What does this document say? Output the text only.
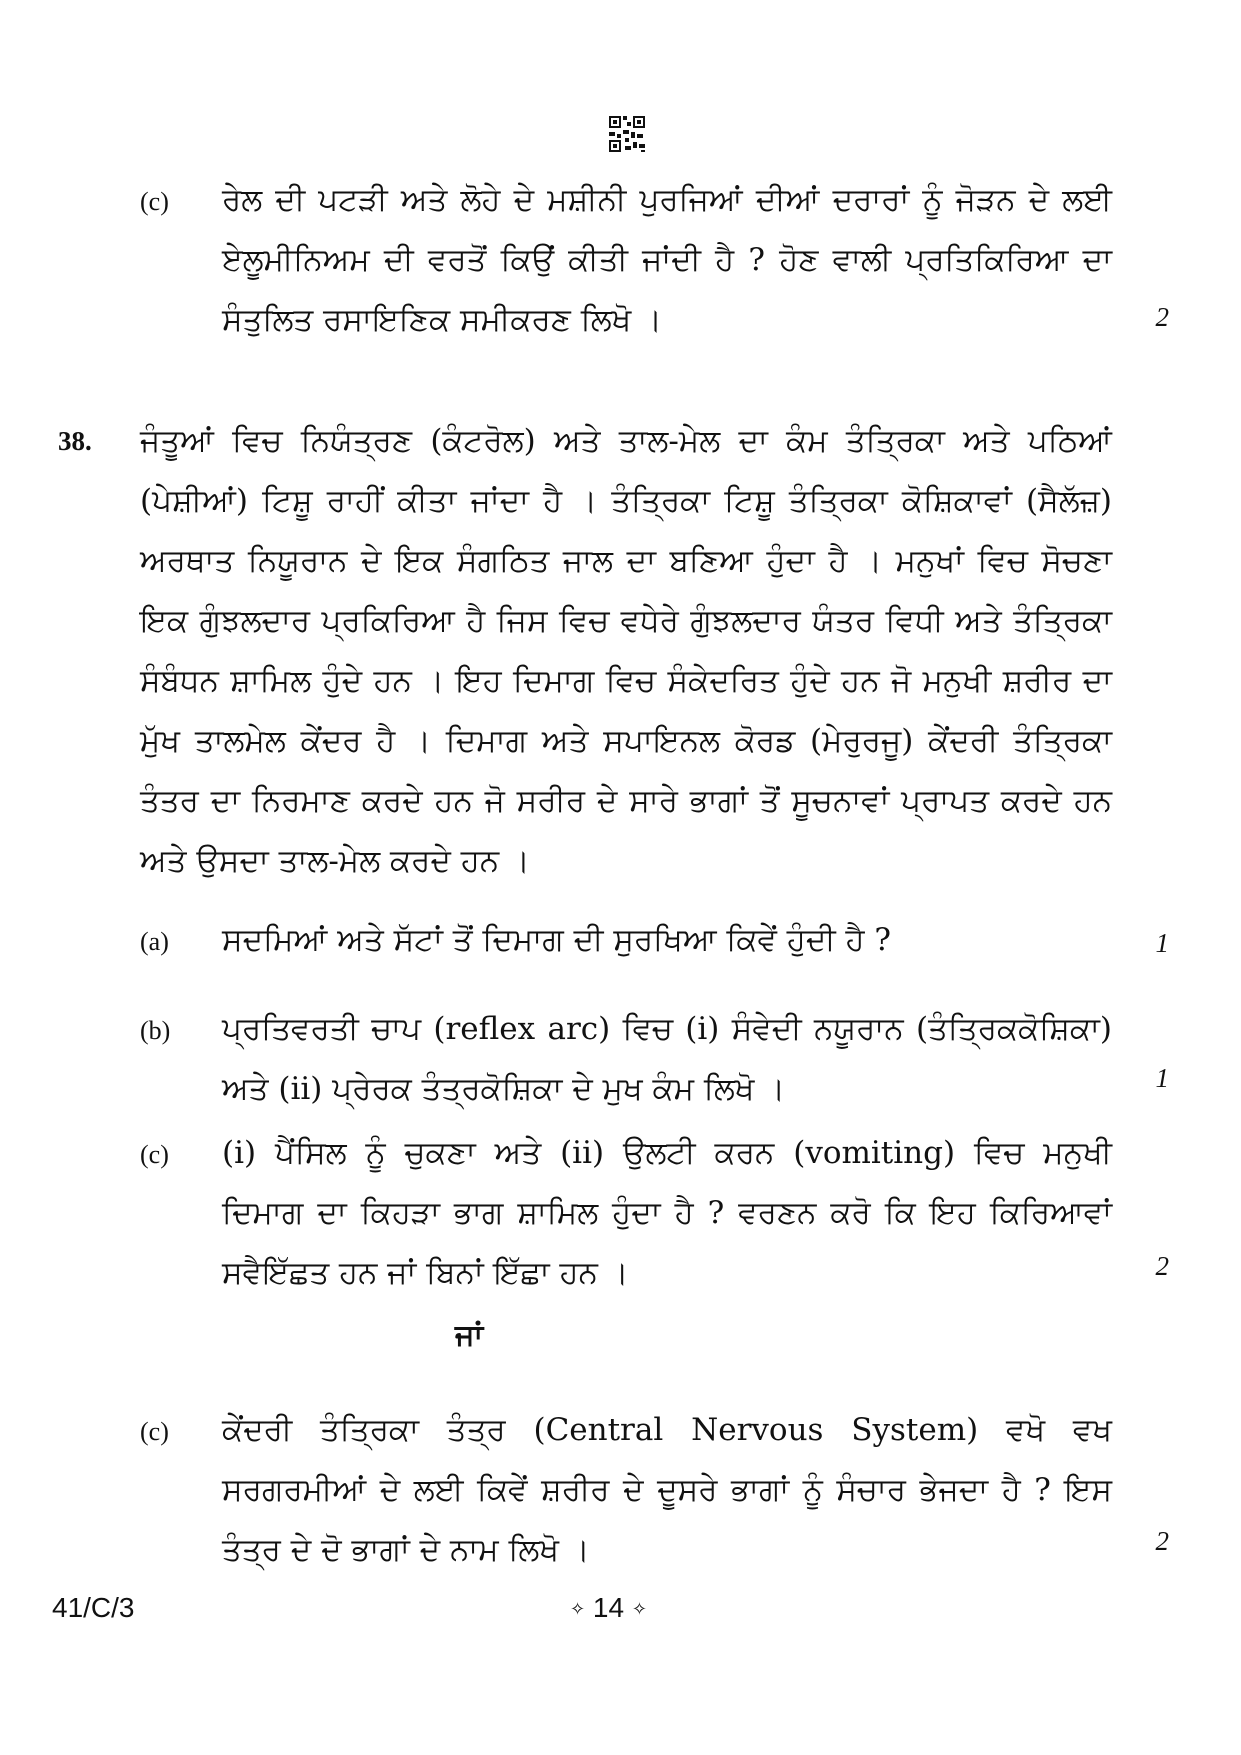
(c) ਰੇਲ ਦੀ ਪਟੜੀ ਅਤੇ ਲੋਹੇ ਦੇ ਮਸ਼ੀਨੀ ਪੁਰਜਿਆਂ ਦੀਆਂ ਦਰਾਰਾਂ ਨੂੰ ਜੋੜਨ ਦੇ ਲਈ ਏਲੂਮੀਨਿਅਮ ਦੀ ਵਰਤੋਂ ਕਿਉਂ ਕੀਤੀ ਜਾਂਦੀ ਹੈ ? ਹੋਣ ਵਾਲੀ ਪ੍ਰਤਿਕਿਰਿਆ ਦਾ ਸੰਤੁਲਿਤ ਰਸਾਇਣਿਕ ਸਮੀਕਰਣ ਲਿਖੋ ।	2
38. ਜੰਤੂਆਂ ਵਿਚ ਨਿਯੰਤ੍ਰਣ (ਕੰਟਰੋਲ) ਅਤੇ ਤਾਲ-ਮੇਲ ਦਾ ਕੰਮ ਤੰਤ੍ਰਿਕਾ ਅਤੇ ਪਠਿਆਂ (ਪੇਸ਼ੀਆਂ) ਟਿਸ਼ੂ ਰਾਹੀਂ ਕੀਤਾ ਜਾਂਦਾ ਹੈ । ਤੰਤ੍ਰਿਕਾ ਟਿਸ਼ੂ ਤੰਤ੍ਰਿਕਾ ਕੋਸ਼ਿਕਾਵਾਂ (ਸੈਲੱਜ਼) ਅਰਥਾਤ ਨਿਯੂਰਾਨ ਦੇ ਇਕ ਸੰਗਠਿਤ ਜਾਲ ਦਾ ਬਣਿਆ ਹੁੰਦਾ ਹੈ । ਮਨੁਖਾਂ ਵਿਚ ਸੋਚਣਾ ਇਕ ਗੁੰਝਲਦਾਰ ਪ੍ਰਕਿਰਿਆ ਹੈ ਜਿਸ ਵਿਚ ਵਧੇਰੇ ਗੁੰਝਲਦਾਰ ਯੰਤਰ ਵਿਧੀ ਅਤੇ ਤੰਤ੍ਰਿਕਾ ਸੰਬੰਧਨ ਸ਼ਾਮਿਲ ਹੁੰਦੇ ਹਨ । ਇਹ ਦਿਮਾਗ ਵਿਚ ਸੰਕੇਦਰਿਤ ਹੁੰਦੇ ਹਨ ਜੋ ਮਨੁਖੀ ਸ਼ਰੀਰ ਦਾ ਮੁੱਖ ਤਾਲਮੇਲ ਕੇਂਦਰ ਹੈ । ਦਿਮਾਗ ਅਤੇ ਸਪਾਇਨਲ ਕੋਰਡ (ਮੇਰੁਰਜੂ) ਕੇਂਦਰੀ ਤੰਤ੍ਰਿਕਾ ਤੰਤਰ ਦਾ ਨਿਰਮਾਣ ਕਰਦੇ ਹਨ ਜੋ ਸਰੀਰ ਦੇ ਸਾਰੇ ਭਾਗਾਂ ਤੋਂ ਸੂਚਨਾਵਾਂ ਪ੍ਰਾਪਤ ਕਰਦੇ ਹਨ ਅਤੇ ਉਸਦਾ ਤਾਲ-ਮੇਲ ਕਰਦੇ ਹਨ ।
(a) ਸਦਮਿਆਂ ਅਤੇ ਸੱਟਾਂ ਤੋਂ ਦਿਮਾਗ ਦੀ ਸੁਰਖਿਆ ਕਿਵੇਂ ਹੁੰਦੀ ਹੈ ?	1
(b) ਪ੍ਰਤਿਵਰਤੀ ਚਾਪ (reflex arc) ਵਿਚ (i) ਸੰਵੇਦੀ ਨਯੂਰਾਨ (ਤੰਤ੍ਰਿਕਕੋਸ਼ਿਕਾ) ਅਤੇ (ii) ਪ੍ਰੇਰਕ ਤੰਤ੍ਰਕੋਸ਼ਿਕਾ ਦੇ ਮੁਖ ਕੰਮ ਲਿਖੋ ।	1
(c) (i) ਪੈਂਸਿਲ ਨੂੰ ਚੁਕਣਾ ਅਤੇ (ii) ਉਲਟੀ ਕਰਨ (vomiting) ਵਿਚ ਮਨੁਖੀ ਦਿਮਾਗ ਦਾ ਕਿਹੜਾ ਭਾਗ ਸ਼ਾਮਿਲ ਹੁੰਦਾ ਹੈ ? ਵਰਣਨ ਕਰੋ ਕਿ ਇਹ ਕਿਰਿਆਵਾਂ ਸਵੈਇੱਛਤ ਹਨ ਜਾਂ ਬਿਨਾਂ ਇੱਛਾ ਹਨ ।	2
ਜਾਂ
(c) ਕੇਂਦਰੀ ਤੰਤ੍ਰਿਕਾ ਤੰਤ੍ਰ (Central Nervous System) ਵਖੋ ਵਖ ਸਰਗਰਮੀਆਂ ਦੇ ਲਈ ਕਿਵੇਂ ਸ਼ਰੀਰ ਦੇ ਦੂਸਰੇ ਭਾਗਾਂ ਨੂੰ ਸੰਚਾਰ ਭੇਜਦਾ ਹੈ ? ਇਸ ਤੰਤ੍ਰ ਦੇ ਦੋ ਭਾਗਾਂ ਦੇ ਨਾਮ ਲਿਖੋ ।	2
41/C/3	✧ 14 ✧
